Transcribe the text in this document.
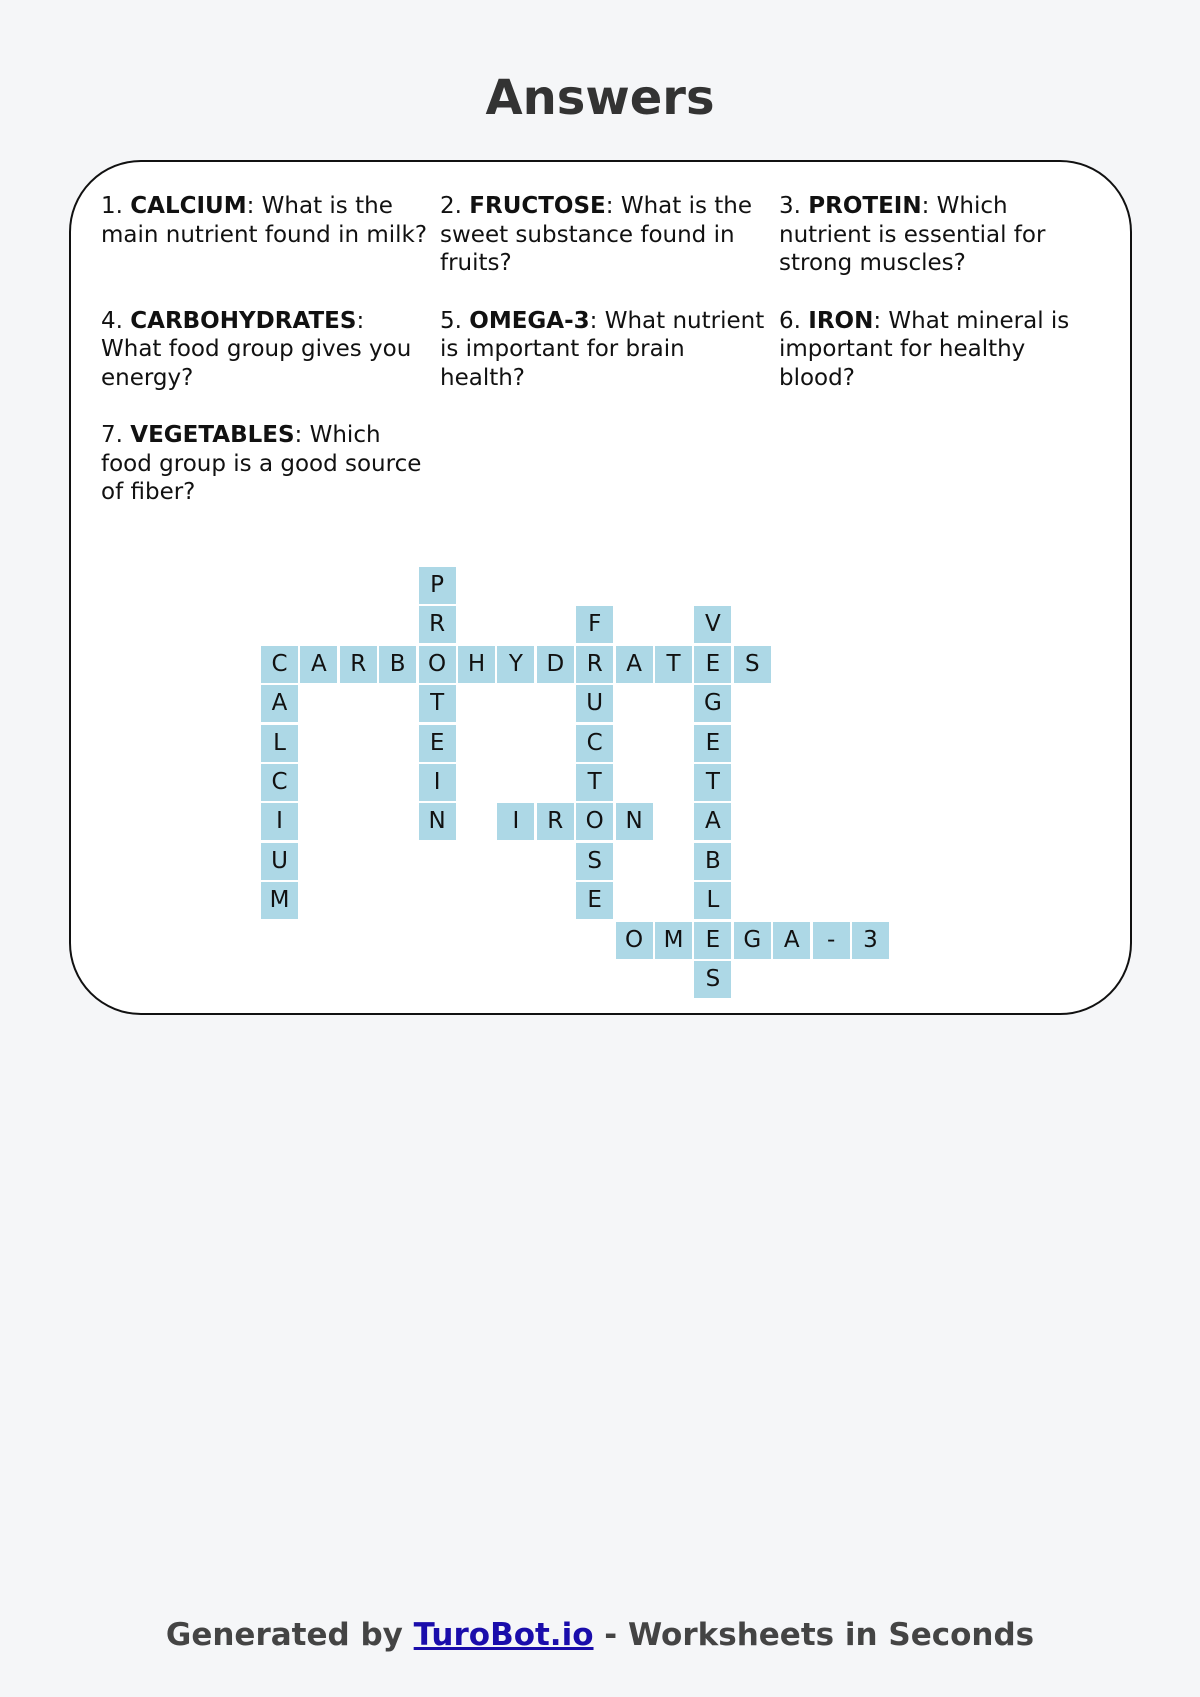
Answers
1. CALCIUM: What is the main nutrient found in milk?
2. FRUCTOSE: What is the sweet substance found in fruits?
3. PROTEIN: Which nutrient is essential for strong muscles?
4. CARBOHYDRATES: What food group gives you energy?
5. OMEGA-3: What nutrient is important for brain health?
6. IRON: What mineral is important for healthy blood?
7. VEGETABLES: Which food group is a good source of fiber?
C	A	R	B O H	Y	D R	A	T	E	S
A
L
C
I
U
M
P
R
T
E
I
N
F
U
C
T
O
S
E
V
G
E
T
A
B
L
E
S
I	R	N
O M	G A	-	3
Generated by TuroBot.io - Worksheets in Seconds
